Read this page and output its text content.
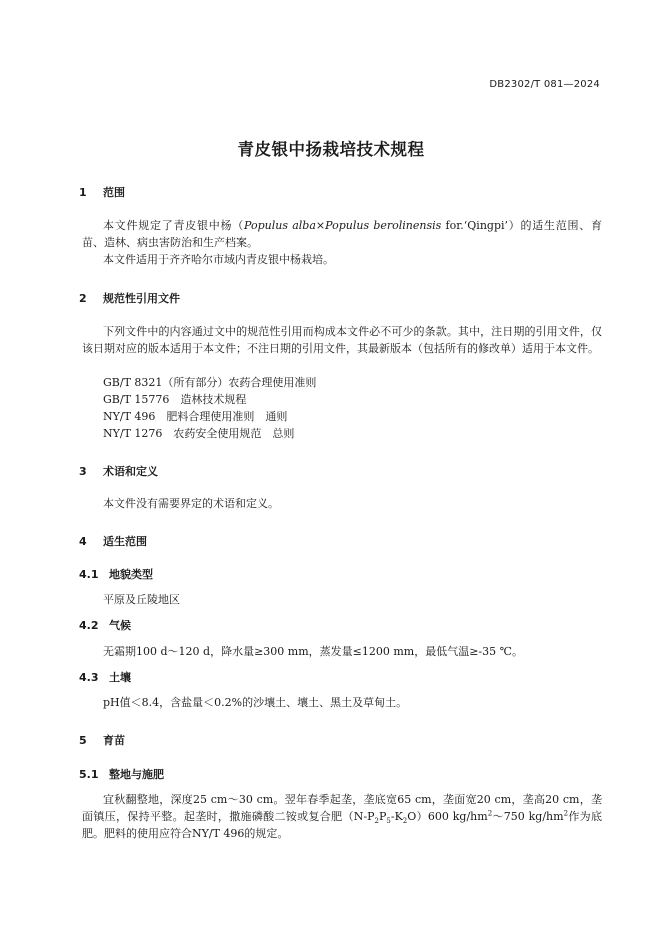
DB2302/T 081—2024
青皮银中扬栽培技术规程
1 范围

本文件规定了青皮银中杨（Populus alba×Populus berolinensis for.‘Qingpi’）的适生范围、育苗、造林、病虫害防治和生产档案。

本文件适用于齐齐哈尔市域内青皮银中杨栽培。

2 规范性引用文件

下列文件中的内容通过文中的规范性引用而构成本文件必不可少的条款。其中，注日期的引用文件，仅该日期对应的版本适用于本文件；不注日期的引用文件，其最新版本（包括所有的修改单）适用于本文件。

GB/T 8321（所有部分）农药合理使用准则

GB/T 15776　造林技术规程

NY/T 496　肥料合理使用准则　通则

NY/T 1276　农药安全使用规范　总则

3 术语和定义

本文件没有需要界定的术语和定义。

4 适生范围
4.1 地貌类型

平原及丘陵地区

4.2 气候

无霜期100 d～120 d，降水量≥300 mm，蒸发量≤1200 mm，最低气温≥-35 ℃。

4.3 土壤

pH值＜8.4，含盐量＜0.2%的沙壤土、壤土、黑土及草甸土。

5 育苗
5.1 整地与施肥

宜秋翻整地，深度25 cm～30 cm。翌年春季起垄，垄底宽65 cm，垄面宽20 cm，垄高20 cm，垄面镇压，保持平整。起垄时，撒施磷酸二铵或复合肥$(N-P_2P_5-K_2O)600$ $kg/hm^2\sim 750$ $kg/hm^2$作为底肥。肥料的使用应符合NY/T 496的规定。
